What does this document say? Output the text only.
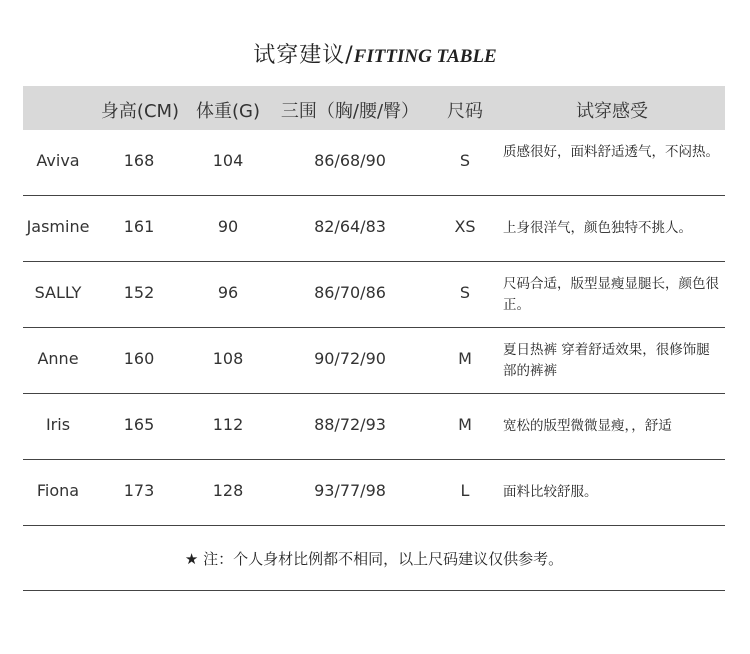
试穿建议/FITTING TABLE
身高(CM) 体重(G) 三围（胸/腰/臀） 尺码	试穿感受
Aviva	168	104	86/68/90	S 质感很好，面料舒适透气，不闷热。
Jasmine 161	90	82/64/83	XS 上身很洋气，颜色独特不挑人。
SALLY	152	96	86/70/86	S 尺码合适，版型显瘦显腿长，颜色很正。
Anne	160	108	90/72/90	M 夏日热裤 穿着舒适效果，很修饰腿部的裤裤
Iris	165	112	88/72/93	M 宽松的版型微微显瘦，，舒适
Fiona	173	128	93/77/98	L 面料比较舒服。
★ 注：个人身材比例都不相同，以上尺码建议仅供参考。
